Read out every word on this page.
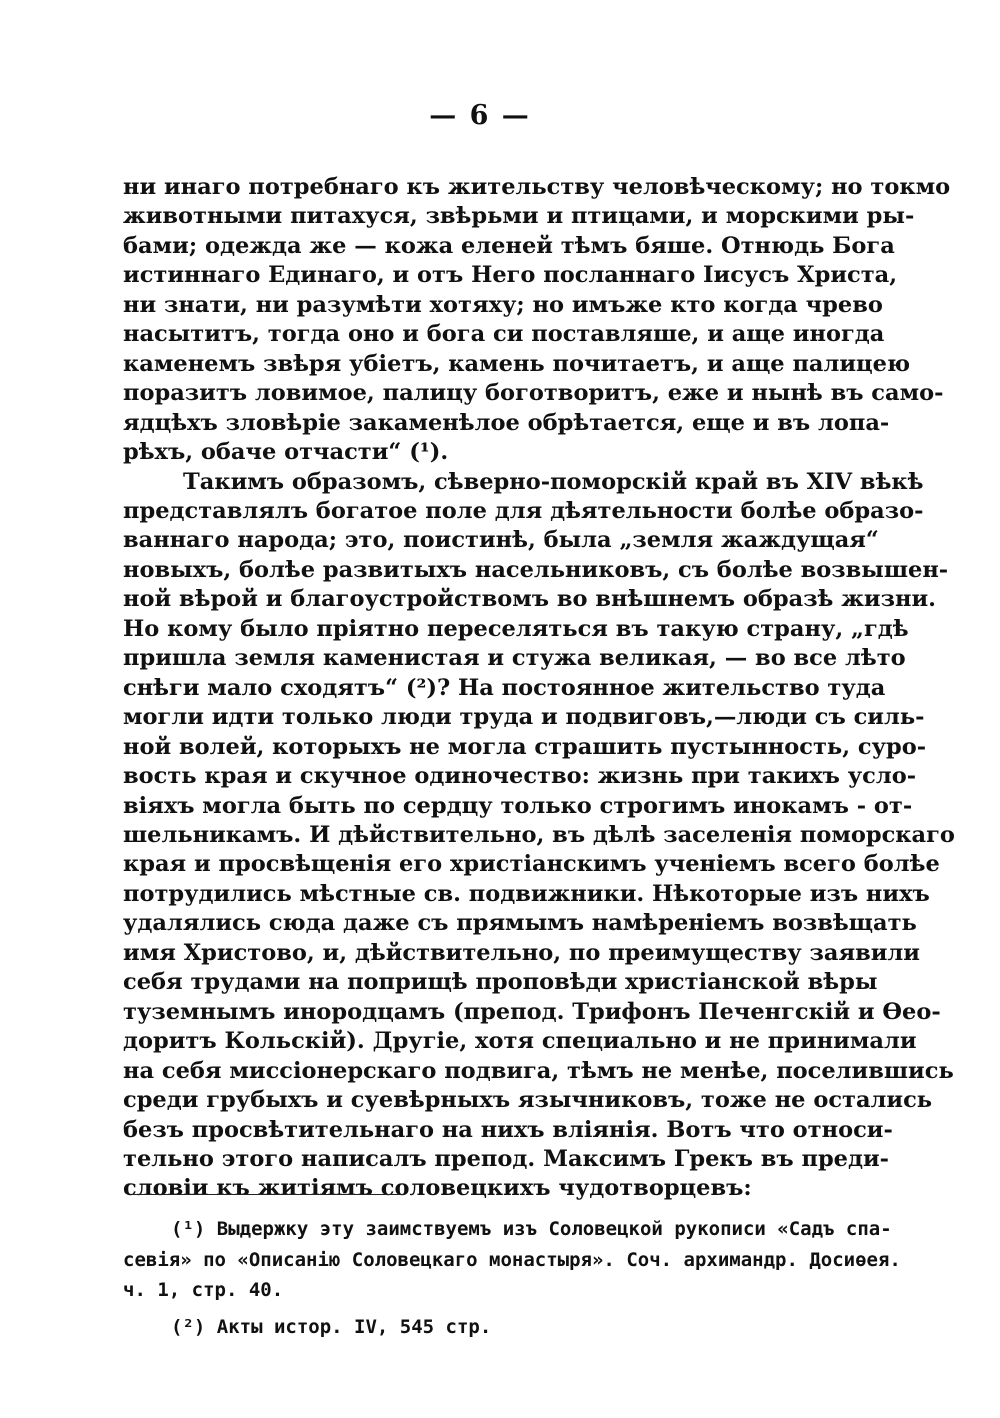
— 6 —
ни инаго потребнаго къ жительству человѣческому; но токмо
животными питахуся, звѣрьми и птицами, и морскими ры-
бами; одежда же — кожа еленей тѣмъ бяше. Отнюдь Бога
истиннаго Единаго, и отъ Него посланнаго Іисусъ Христа,
ни знати, ни разумѣти хотяху; но имъже кто когда чрево
насытитъ, тогда оно и бога си поставляше, и аще иногда
каменемъ звѣря убіетъ, камень почитаетъ, и аще палицею
поразитъ ловимое, палицу боготворитъ, еже и нынѣ въ само-
ядцѣхъ зловѣріе закаменѣлое обрѣтается, еще и въ лопа-
рѣхъ, обаче отчасти“ (¹).
Такимъ образомъ, сѣверно-поморскій край въ XIV вѣкѣ
представлялъ богатое поле для дѣятельности болѣе образо-
ваннаго народа; это, поистинѣ, была „земля жаждущая“
новыхъ, болѣе развитыхъ насельниковъ, съ болѣе возвышен-
ной вѣрой и благоустройствомъ во внѣшнемъ образѣ жизни.
Но кому было пріятно переселяться въ такую страну, „гдѣ
пришла земля каменистая и стужа великая, — во все лѣто
снѣги мало сходятъ“ (²)? На постоянное жительство туда
могли идти только люди труда и подвиговъ,—люди съ силь-
ной волей, которыхъ не могла страшить пустынность, суро-
вость края и скучное одиночество: жизнь при такихъ усло-
віяхъ могла быть по сердцу только строгимъ инокамъ - от-
шельникамъ. И дѣйствительно, въ дѣлѣ заселенія поморскаго
края и просвѣщенія его христіанскимъ ученіемъ всего болѣе
потрудились мѣстные св. подвижники. Нѣкоторые изъ нихъ
удалялись сюда даже съ прямымъ намѣреніемъ возвѣщать
имя Христово, и, дѣйствительно, по преимуществу заявили
себя трудами на поприщѣ проповѣди христіанской вѣры
туземнымъ инородцамъ (препод. Трифонъ Печенгскій и Ѳео-
доритъ Кольскій). Другіе, хотя специально и не принимали
на себя миссіонерскаго подвига, тѣмъ не менѣе, поселившись
среди грубыхъ и суевѣрныхъ язычниковъ, тоже не остались
безъ просвѣтительнаго на нихъ вліянія. Вотъ что относи-
тельно этого написалъ препод. Максимъ Грекъ въ преди-
словіи къ житіямъ соловецкихъ чудотворцевъ:
(¹) Выдержку эту заимствуемъ изъ Соловецкой рукописи «Садъ спа-
севія» по «Описанію Соловецкаго монастыря». Соч. архимандр. Досиѳея.
ч. 1, стр. 40.
(²) Акты истор. IV, 545 стр.
